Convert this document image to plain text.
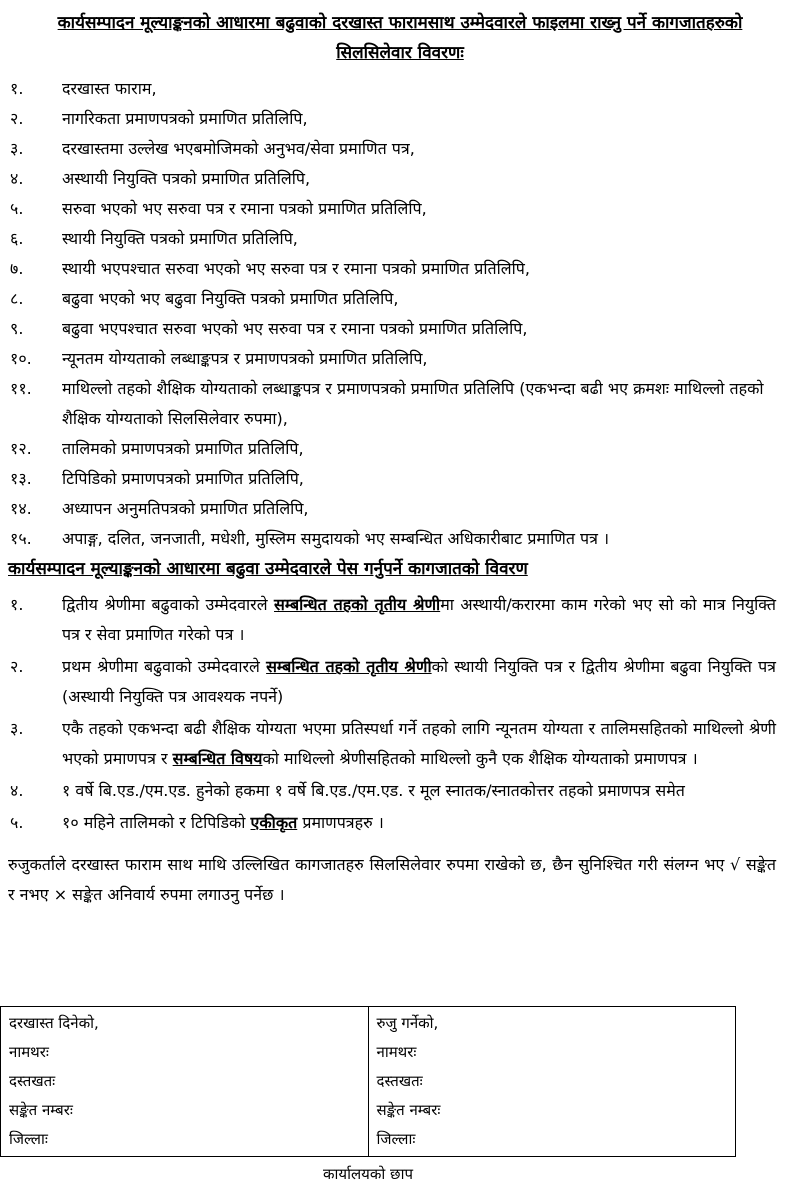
कार्यसम्पादन मूल्याङ्कनको आधारमा बढुवाको दरखास्त फारामसाथ उम्मेदवारले फाइलमा राख्नु पर्ने कागजातहरुको सिलसिलेवार विवरणः
१. दरखास्त फाराम,
२. नागरिकता प्रमाणपत्रको प्रमाणित प्रतिलिपि,
३. दरखास्तमा उल्लेख भएबमोजिमको अनुभव/सेवा प्रमाणित पत्र,
४. अस्थायी नियुक्ति पत्रको प्रमाणित प्रतिलिपि,
५. सरुवा भएको भए सरुवा पत्र र रमाना पत्रको प्रमाणित प्रतिलिपि,
६. स्थायी नियुक्ति पत्रको प्रमाणित प्रतिलिपि,
७. स्थायी भएपश्चात सरुवा भएको भए सरुवा पत्र र रमाना पत्रको प्रमाणित प्रतिलिपि,
८. बढुवा भएको भए बढुवा नियुक्ति पत्रको प्रमाणित प्रतिलिपि,
९. बढुवा भएपश्चात सरुवा भएको भए सरुवा पत्र र रमाना पत्रको प्रमाणित प्रतिलिपि,
१०. न्यूनतम योग्यताको लब्धाङ्कपत्र र प्रमाणपत्रको प्रमाणित प्रतिलिपि,
११. माथिल्लो तहको शैक्षिक योग्यताको लब्धाङ्कपत्र र प्रमाणपत्रको प्रमाणित प्रतिलिपि (एकभन्दा बढी भए क्रमशः माथिल्लो तहको शैक्षिक योग्यताको सिलसिलेवार रुपमा),
१२. तालिमको प्रमाणपत्रको प्रमाणित प्रतिलिपि,
१३. टिपिडिको प्रमाणपत्रको प्रमाणित प्रतिलिपि,
१४. अध्यापन अनुमतिपत्रको प्रमाणित प्रतिलिपि,
१५. अपाङ्ग, दलित, जनजाती, मधेशी, मुस्लिम समुदायको भए सम्बन्धित अधिकारीबाट प्रमाणित पत्र ।
कार्यसम्पादन मूल्याङ्कनको आधारमा बढुवा उम्मेदवारले पेस गर्नुपर्ने कागजातको विवरण
१. द्वितीय श्रेणीमा बढुवाको उम्मेदवारले सम्बन्धित तहको तृतीय श्रेणीमा अस्थायी/करारमा काम गरेको भए सो को मात्र नियुक्ति पत्र र सेवा प्रमाणित गरेको पत्र ।
२. प्रथम श्रेणीमा बढुवाको उम्मेदवारले सम्बन्धित तहको तृतीय श्रेणीको स्थायी नियुक्ति पत्र र द्वितीय श्रेणीमा बढुवा नियुक्ति पत्र (अस्थायी नियुक्ति पत्र आवश्यक नपर्ने)
३. एकै तहको एकभन्दा बढी शैक्षिक योग्यता भएमा प्रतिस्पर्धा गर्ने तहको लागि न्यूनतम योग्यता र तालिमसहितको माथिल्लो श्रेणी भएको प्रमाणपत्र र सम्बन्धित विषयको माथिल्लो श्रेणीसहितको माथिल्लो कुनै एक शैक्षिक योग्यताको प्रमाणपत्र ।
४. १ वर्षे बि.एड./एम.एड. हुनेको हकमा १ वर्षे बि.एड./एम.एड. र मूल स्नातक/स्नातकोत्तर तहको प्रमाणपत्र समेत
५. १० महिने तालिमको र टिपिडिको एकीकृत प्रमाणपत्रहरु ।
रुजुकर्ताले दरखास्त फाराम साथ माथि उल्लिखित कागजातहरु सिलसिलेवार रुपमा राखेको छ, छैन सुनिश्चित गरी संलग्न भए √ सङ्केत र नभए × सङ्केत अनिवार्य रुपमा लगाउनु पर्नेछ ।
दरखास्त दिनेको,
नामथरः
दस्तखतः
सङ्केत नम्बरः
जिल्लाः

रुजु गर्नेको,
नामथरः
दस्तखतः
सङ्केत नम्बरः
जिल्लाः
कार्यालयको छाप
